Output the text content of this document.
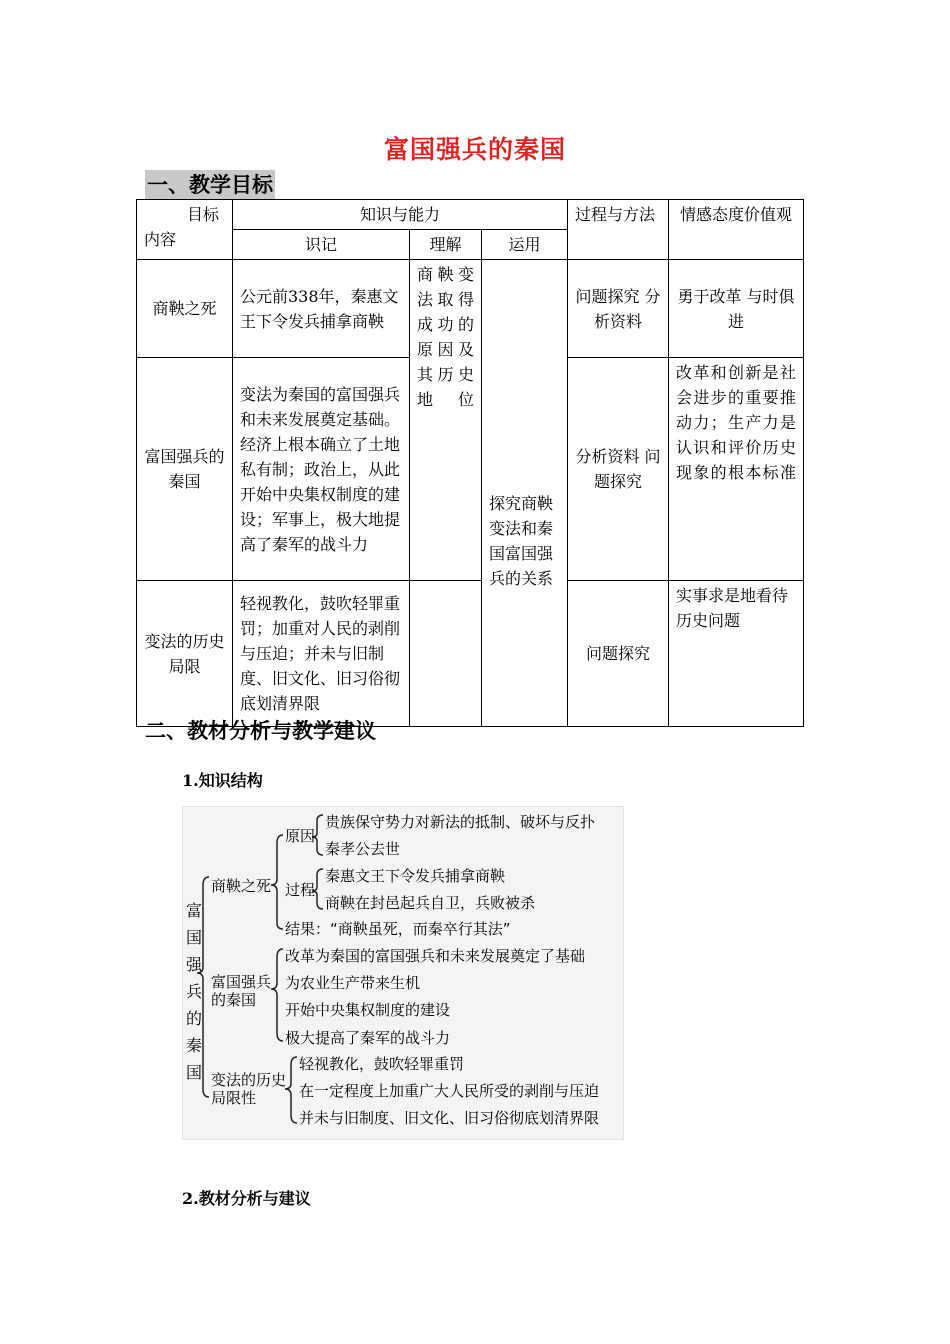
富国强兵的秦国
一、教学目标
目标
内容	知识与能力			过程与方法	情感态度价值观
	识记	理解	运用		
商鞅之死	公元前338年，秦惠文王下令发兵捕拿商鞅	商鞅变法取得成功的原因及其历史地位		问题探究 分析资料	勇于改革 与时俱进
富国强兵的秦国	变法为秦国的富国强兵和未来发展奠定基础。经济上根本确立了土地私有制；政治上，从此开始中央集权制度的建设；军事上，极大地提高了秦军的战斗力			分析资料 问题探究	改革和创新是社会进步的重要推动力；生产力是认识和评价历史现象的根本标准
变法的历史局限	轻视教化，鼓吹轻罪重罚；加重对人民的剥削与压迫；并未与旧制度、旧文化、旧习俗彻底划清界限		探究商鞅变法和秦国富国强兵的关系	问题探究	实事求是地看待历史问题
二、教材分析与教学建议
1.知识结构
富国强兵的秦国
商鞅之死
原因
贵族保守势力对新法的抵制、破坏与反扑
秦孝公去世
过程
秦惠文王下令发兵捕拿商鞅
商鞅在封邑起兵自卫，兵败被杀
结果：“商鞅虽死，而秦卒行其法”
富国强兵的秦国
改革为秦国的富国强兵和未来发展奠定了基础
为农业生产带来生机
开始中央集权制度的建设
极大提高了秦军的战斗力
变法的历史局限性
轻视教化，鼓吹轻罪重罚
在一定程度上加重广大人民所受的剥削与压迫
并未与旧制度、旧文化、旧习俗彻底划清界限
2.教材分析与建议
